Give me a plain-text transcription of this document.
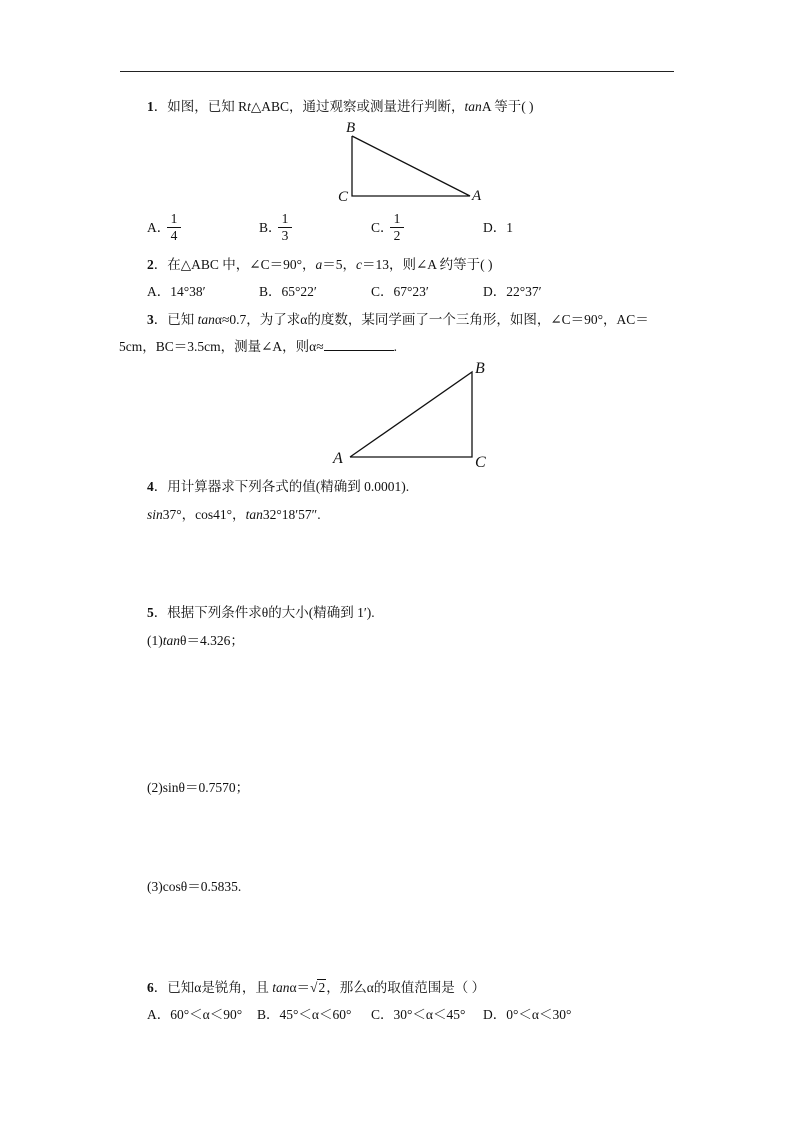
1．如图，已知 Rt△ABC，通过观察或测量进行判断，tanA 等于( )
B
C	A
A．
$\frac{1}{4}$	B．
$\frac{1}{3}$	C．
$\frac{1}{2}$	D．1
2．在△ABC 中，∠C＝90°，a＝5，c＝13，则∠A 约等于( )
A．14°38′	B．65°22′	C．67°23′	D．22°37′
3．已知 tanα≈0.7，为了求α的度数，某同学画了一个三角形，如图，∠C＝90°，AC＝
5cm，BC＝3.5cm，测量∠A，则α≈	.
B
A	C
4．用计算器求下列各式的值(精确到 0.0001).
sin37°，cos41°，tan32°18′57″.
5．根据下列条件求θ的大小(精确到 1′).
(1)tanθ＝4.326；
(2)sinθ＝0.7570；
(3)cosθ＝0.5835.
6．已知α是锐角，且 tanα＝√2，那么α的取值范围是（ ）
A．60°＜α＜90° B．45°＜α＜60° C．30°＜α＜45° D．0°＜α＜30°
